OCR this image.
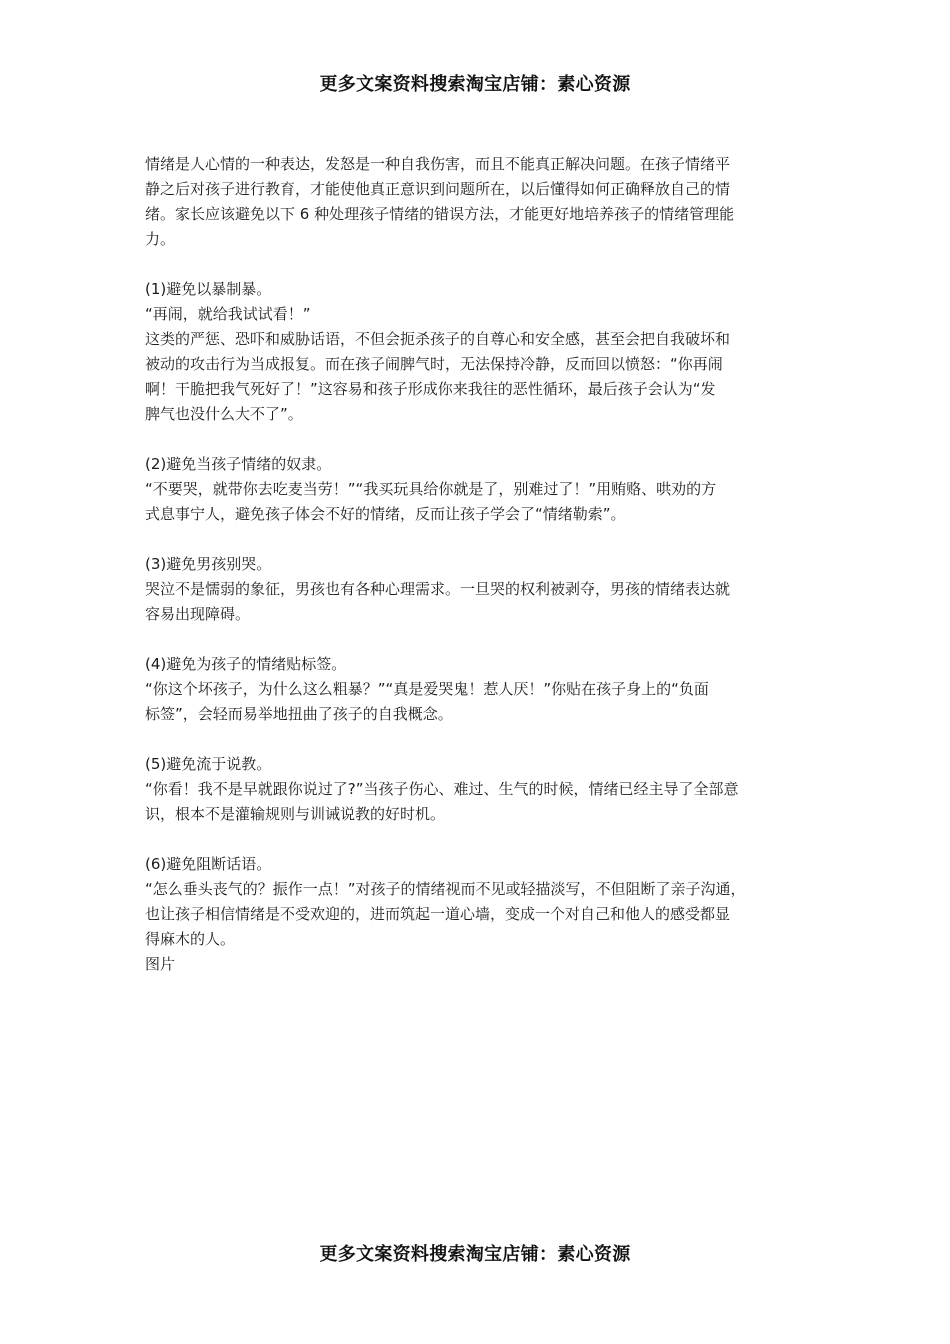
更多文案资料搜索淘宝店铺：素心资源

情绪是人心情的一种表达，发怒是一种自我伤害，而且不能真正解决问题。在孩子情绪平

静之后对孩子进行教育，才能使他真正意识到问题所在，以后懂得如何正确释放自己的情

绪。家长应该避免以下 6 种处理孩子情绪的错误方法，才能更好地培养孩子的情绪管理能

力。

(1)避免以暴制暴。

“再闹，就给我试试看！”

这类的严惩、恐吓和威胁话语，不但会扼杀孩子的自尊心和安全感，甚至会把自我破坏和

被动的攻击行为当成报复。而在孩子闹脾气时，无法保持冷静，反而回以愤怒：“你再闹

啊！干脆把我气死好了！”这容易和孩子形成你来我往的恶性循环，最后孩子会认为“发

脾气也没什么大不了”。

(2)避免当孩子情绪的奴隶。

“不要哭，就带你去吃麦当劳！”“我买玩具给你就是了，别难过了！”用贿赂、哄劝的方

式息事宁人，避免孩子体会不好的情绪，反而让孩子学会了“情绪勒索”。

(3)避免男孩别哭。

哭泣不是懦弱的象征，男孩也有各种心理需求。一旦哭的权利被剥夺，男孩的情绪表达就

容易出现障碍。

(4)避免为孩子的情绪贴标签。

“你这个坏孩子，为什么这么粗暴？”“真是爱哭鬼！惹人厌！”你贴在孩子身上的“负面

标签”，会轻而易举地扭曲了孩子的自我概念。

(5)避免流于说教。

“你看！我不是早就跟你说过了?”当孩子伤心、难过、生气的时候，情绪已经主导了全部意

识，根本不是灌输规则与训诫说教的好时机。

(6)避免阻断话语。

“怎么垂头丧气的？振作一点！”对孩子的情绪视而不见或轻描淡写，不但阻断了亲子沟通，

也让孩子相信情绪是不受欢迎的，进而筑起一道心墙，变成一个对自己和他人的感受都显

得麻木的人。

图片

更多文案资料搜索淘宝店铺：素心资源
